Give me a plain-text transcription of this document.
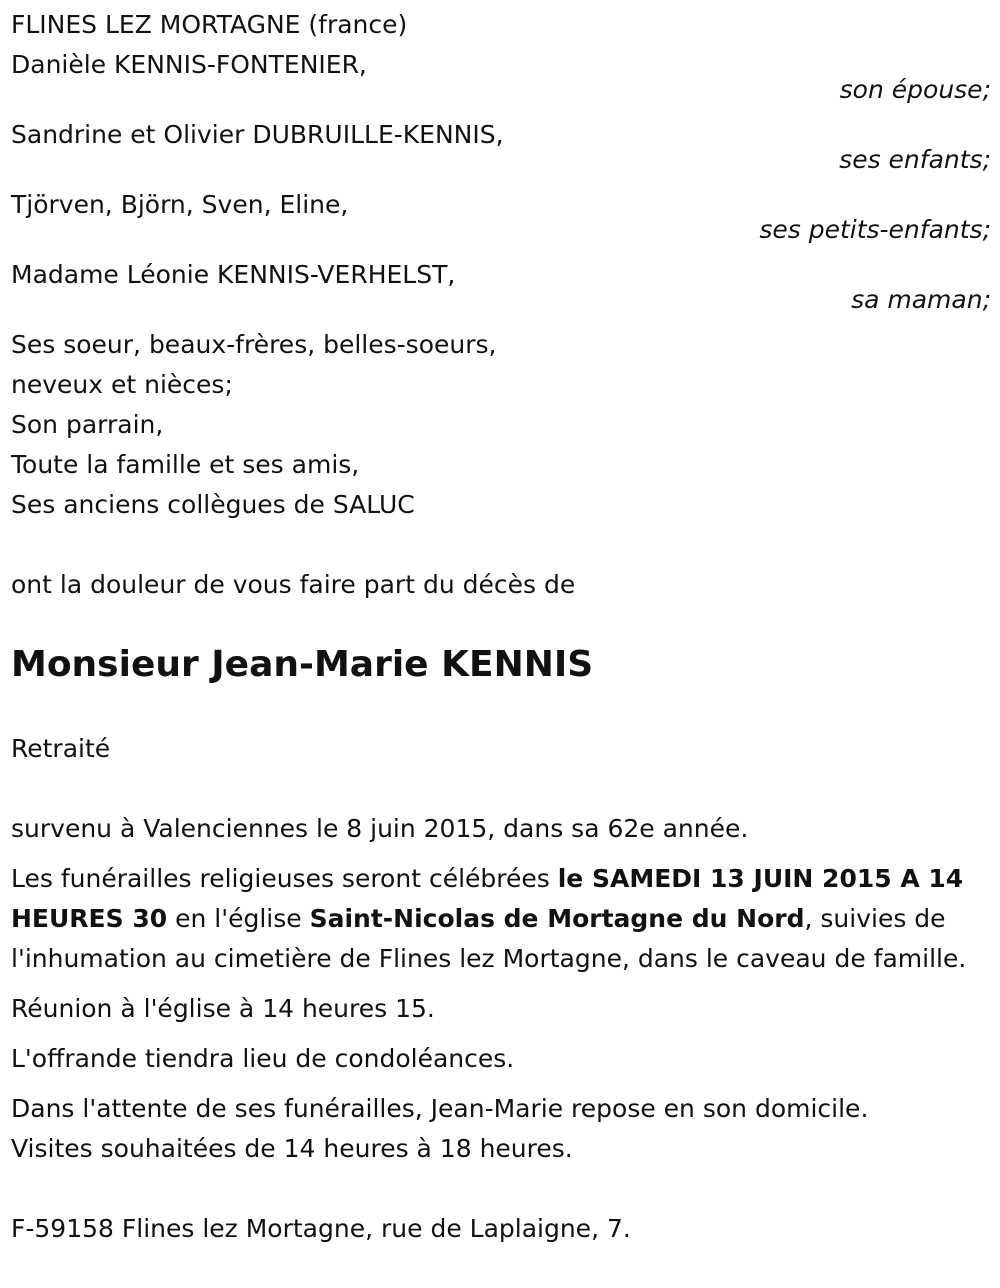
FLINES LEZ MORTAGNE (france)
Danièle KENNIS-FONTENIER,
son épouse;
Sandrine et Olivier DUBRUILLE-KENNIS,
ses enfants;
Tjörven, Björn, Sven, Eline,
ses petits-enfants;
Madame Léonie KENNIS-VERHELST,
sa maman;
Ses soeur, beaux-frères, belles-soeurs,
neveux et nièces;
Son parrain,
Toute la famille et ses amis,
Ses anciens collègues de SALUC
ont la douleur de vous faire part du décès de
Monsieur Jean-Marie KENNIS
Retraité
survenu à Valenciennes le 8 juin 2015, dans sa 62e année.
Les funérailles religieuses seront célébrées le SAMEDI 13 JUIN 2015 A 14 HEURES 30 en l'église Saint-Nicolas de Mortagne du Nord, suivies de l'inhumation au cimetière de Flines lez Mortagne, dans le caveau de famille.
Réunion à l'église à 14 heures 15.
L'offrande tiendra lieu de condoléances.
Dans l'attente de ses funérailles, Jean-Marie repose en son domicile.
Visites souhaitées de 14 heures à 18 heures.
F-59158 Flines lez Mortagne, rue de Laplaigne, 7.
